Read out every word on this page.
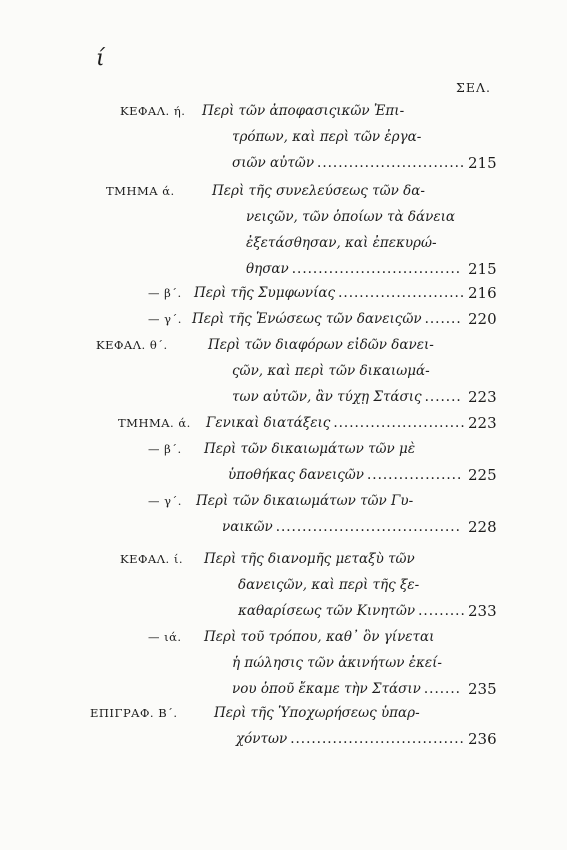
ί
ΣΕΛ.
ΚΕΦΑΛ. ή. Περὶ τῶν ἀποφασιςικῶν Ἐπι-
τρόπων, καὶ περὶ τῶν ἐργα-
σιῶν αὐτῶν ............................ 215
ΤΜΗΜΑ ά.	Περὶ τῆς συνελεύσεως τῶν δα-
νειςῶν, τῶν ὁποίων τὰ δάνεια
ἐξετάσθησαν, καὶ ἐπεκυρώ-
θησαν ................................ 215
— β΄. Περὶ τῆς Συμφωνίας ........................ 216
— γ΄. Περὶ τῆς Ἑνώσεως τῶν δανειςῶν ....... 220
ΚΕΦΑΛ. θ΄.	Περὶ τῶν διαφόρων εἰδῶν δανει-
ςῶν, καὶ περὶ τῶν δικαιωμά-
των αὐτῶν, ἂν τύχῃ Στάσις ....... 223
ΤΜΗΜΑ. ά. Γενικαὶ διατάξεις ......................... 223
— β΄. Περὶ τῶν δικαιωμάτων τῶν μὲ
ὑποθήκας δανειςῶν .................. 225
— γ΄. Περὶ τῶν δικαιωμάτων τῶν Γυ-
ναικῶν ................................... 228
ΚΕΦΑΛ. ί. Περὶ τῆς διανομῆς μεταξὺ τῶν
δανειςῶν, καὶ περὶ τῆς ξε-
καθαρίσεως τῶν Κινητῶν ......... 233
— ιά. Περὶ τοῦ τρόπου, καθ᾽ ὃν γίνεται
ἡ πώλησις τῶν ἀκινήτων ἐκεί-
νου ὁποῦ ἔκαμε τὴν Στάσιν ....... 235
ΕΠΙΓΡΑΦ. Β΄.	Περὶ τῆς Ὑποχωρήσεως ὑπαρ-
χόντων ................................. 236
